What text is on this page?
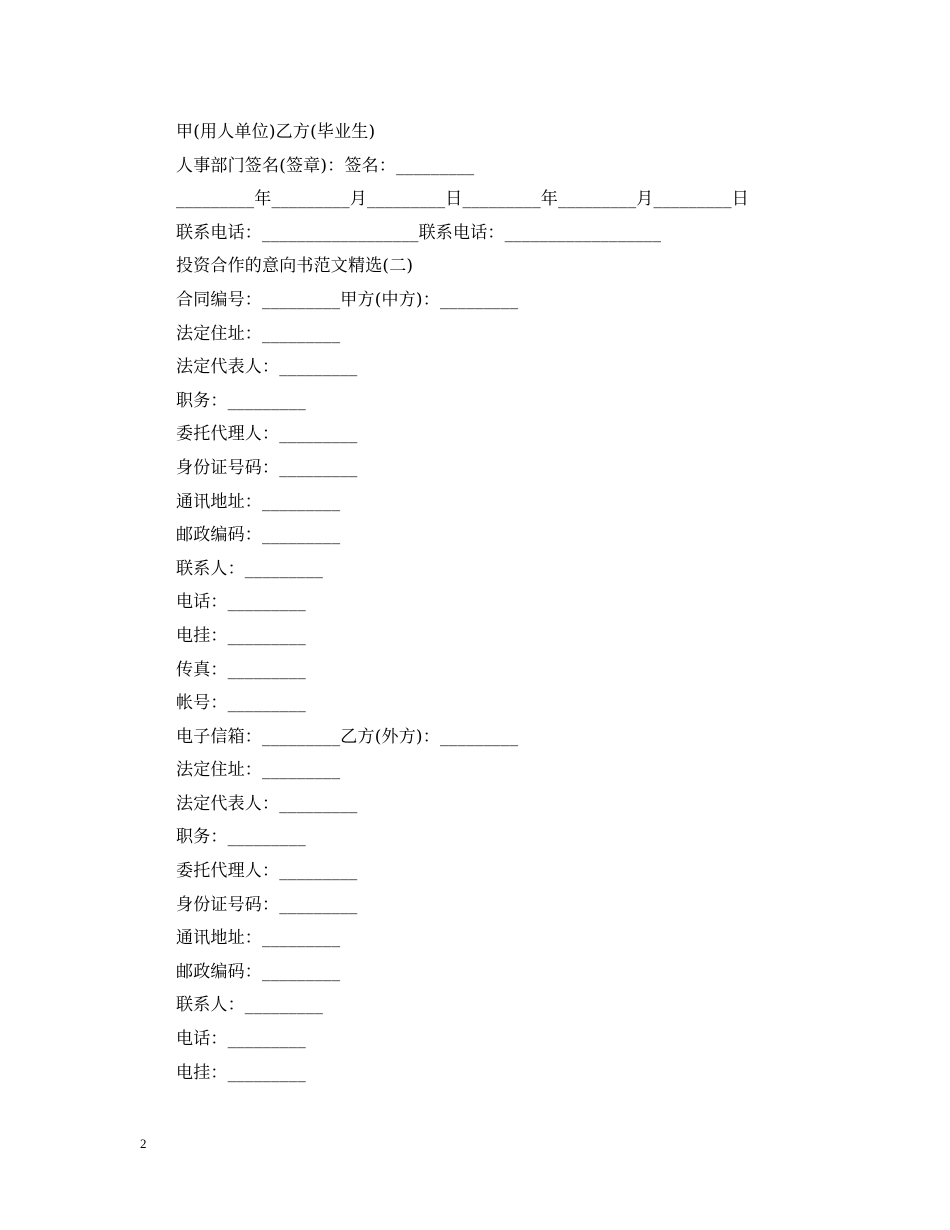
甲(用人单位)乙方(毕业生)
人事部门签名(签章)：签名：_________
_________年_________月_________日_________年_________月_________日
联系电话：__________________联系电话：__________________
投资合作的意向书范文精选(二)
合同编号：_________甲方(中方)：_________
法定住址：_________
法定代表人：_________
职务：_________
委托代理人：_________
身份证号码：_________
通讯地址：_________
邮政编码：_________
联系人：_________
电话：_________
电挂：_________
传真：_________
帐号：_________
电子信箱：_________乙方(外方)：_________
法定住址：_________
法定代表人：_________
职务：_________
委托代理人：_________
身份证号码：_________
通讯地址：_________
邮政编码：_________
联系人：_________
电话：_________
电挂：_________
2
